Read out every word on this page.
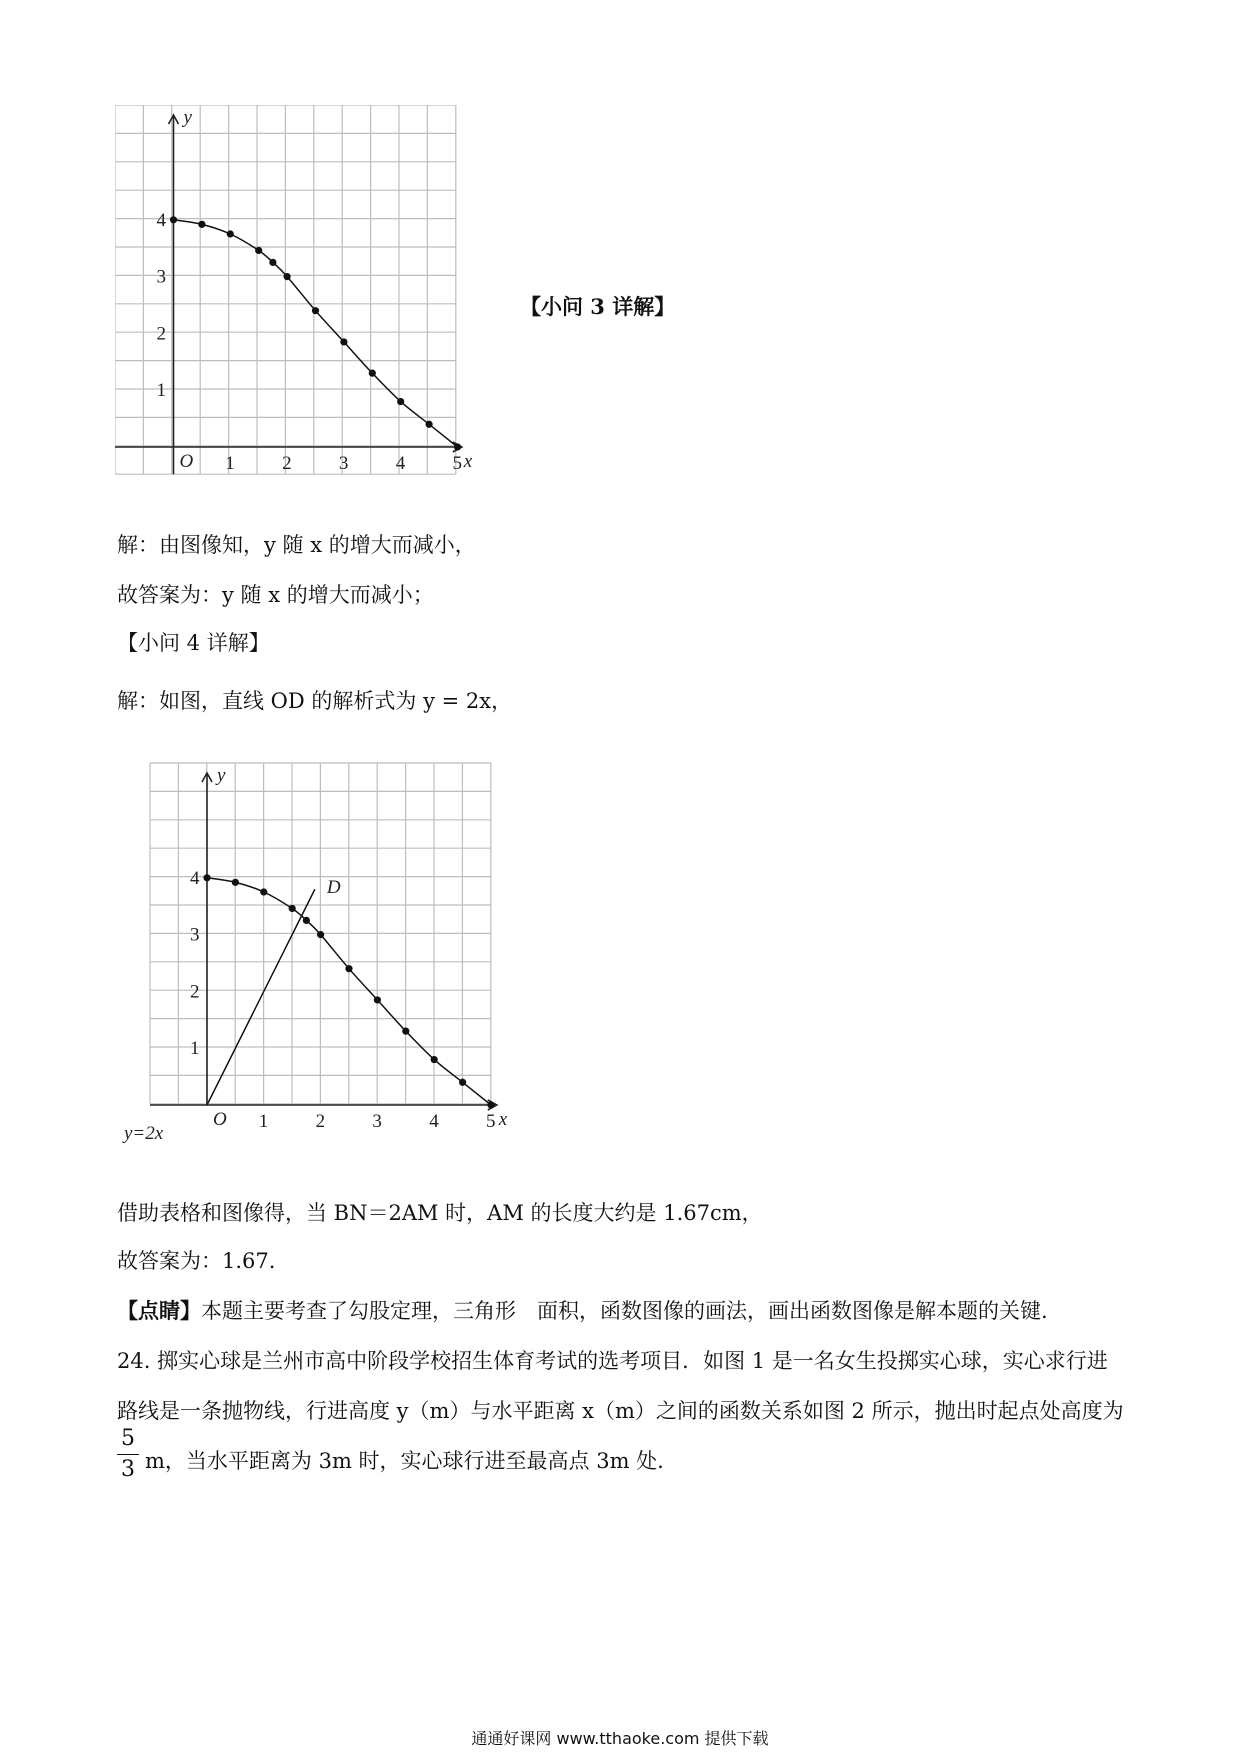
x
y
O 1 2 3 4 5
1
2
3
4
【小问 3 详解】
解：由图像知，y 随 x 的增大而减小，
故答案为：y 随 x 的增大而减小；
【小问 4 详解】
解：如图，直线 OD 的解析式为 y = 2x，
x
y
O 1 2 3 4 5
1
2
3
4	D
y=2x
借助表格和图像得，当 BN＝2AM 时，AM 的长度大约是 1.67cm，
故答案为：1.67.
【点睛】本题主要考查了勾股定理，三角形　面积，函数图像的画法，画出函数图像是解本题的关键.
24. 掷实心球是兰州市高中阶段学校招生体育考试的选考项目．如图 1 是一名女生投掷实心球，实心求行进
路线是一条抛物线，行进高度 y（m）与水平距离 x（m）之间的函数关系如图 2 所示，抛出时起点处高度为
5
3 m，当水平距离为 3m 时，实心球行进至最高点 3m 处.
通通好课网 www.tthaoke.com 提供下载
